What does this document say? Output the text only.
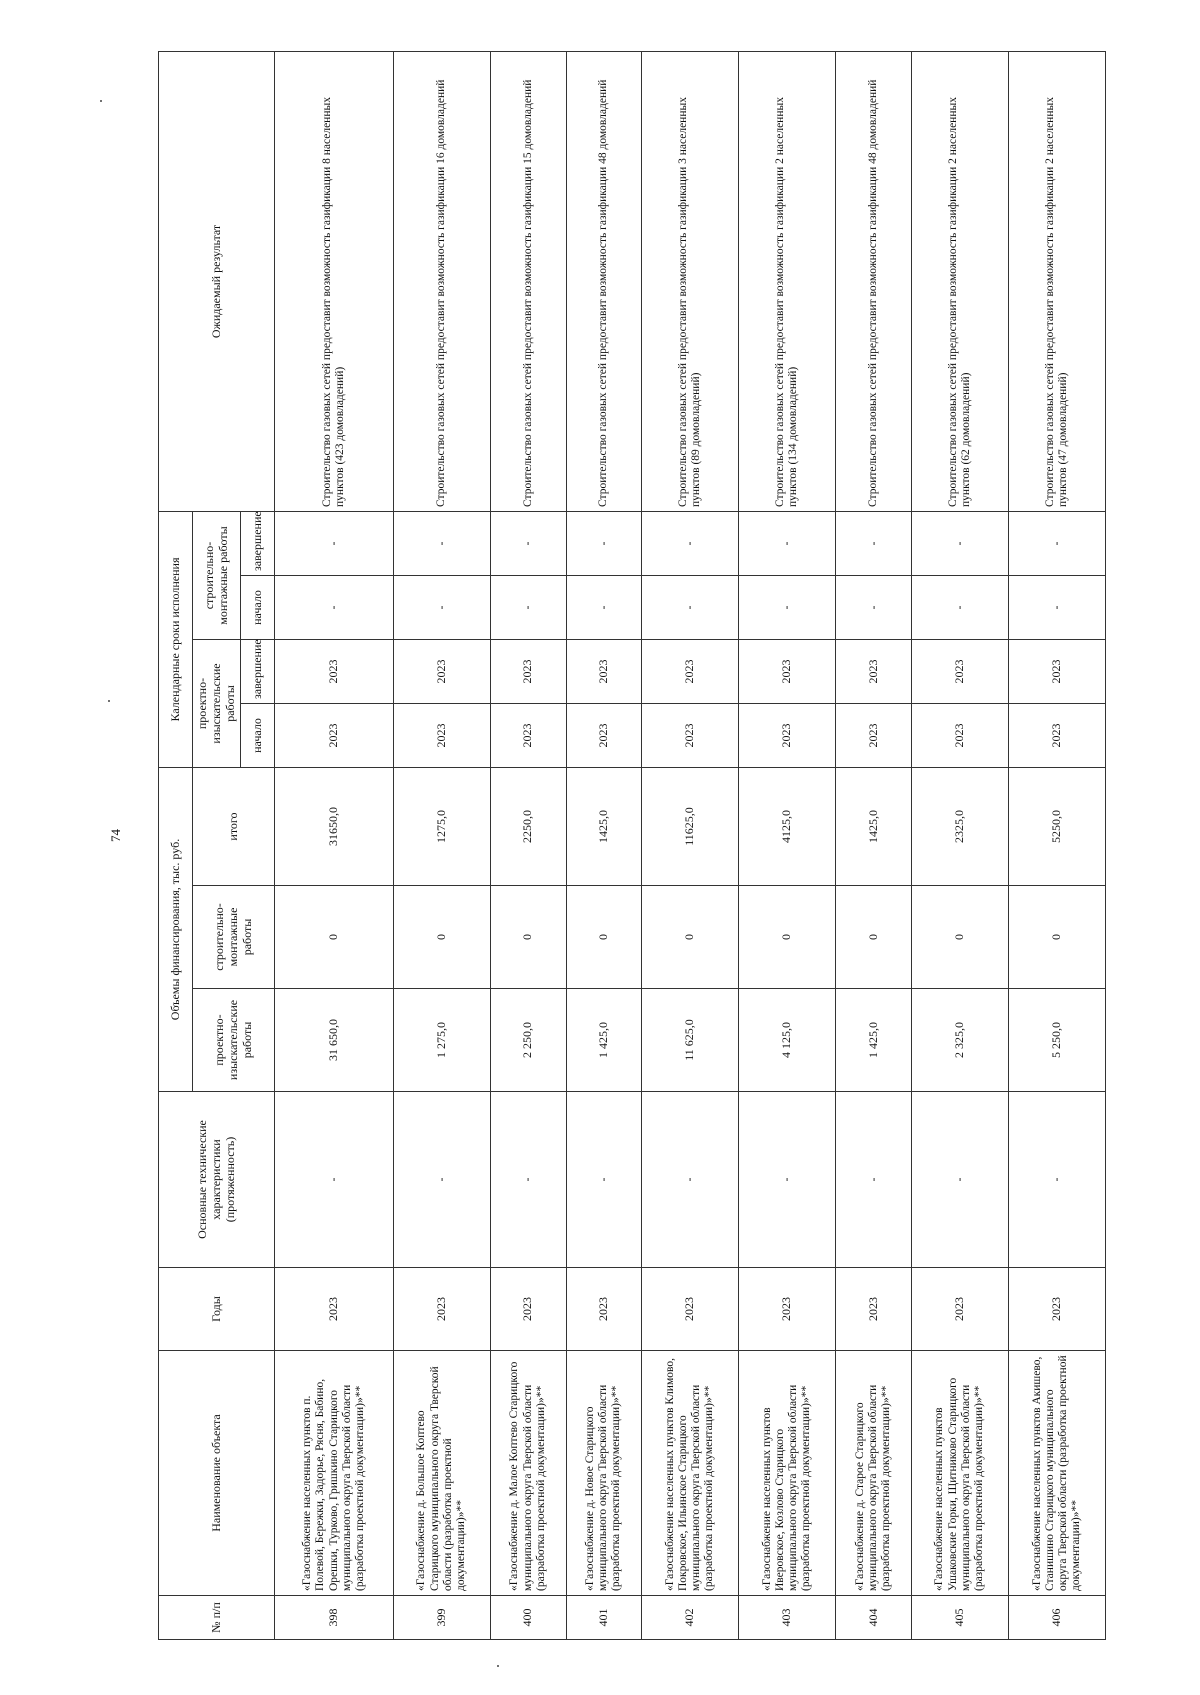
74
№ п/п	Наименование объекта	Годы	Основные технические характеристики (протяженность)	Объемы финансирования, тыс. руб.			Календарные сроки исполнения				Ожидаемый результат
				проектно-изыскательские работы	строительно-монтажные работы	итого	проектно-изыскательские работы		строительно-монтажные работы		
							начало	завершение	начало	завершение	
398	«Газоснабжение населенных пунктов п. Полевой, Бережки, Задорье, Рясня, Бабино, Орешки, Турково, Гришкино Старицкого муниципального округа Тверской области (разработка проектной документации)»**	2023	-	31 650,0	0	31650,0	2023	2023	-	-	Строительство газовых сетей предоставит возможность газификации 8 населенных пунктов (423 домовладений)
399	«Газоснабжение д. Большое Коптево Старицкого муниципального округа Тверской области (разработка проектной документации)»**	2023	-	1 275,0	0	1275,0	2023	2023	-	-	Строительство газовых сетей предоставит возможность газификации 16 домовладений
400	«Газоснабжение д. Малое Коптево Старицкого муниципального округа Тверской области (разработка проектной документации)»**	2023	-	2 250,0	0	2250,0	2023	2023	-	-	Строительство газовых сетей предоставит возможность газификации 15 домовладений
401	«Газоснабжение д. Новое Старицкого муниципального округа Тверской области (разработка проектной документации)»**	2023	-	1 425,0	0	1425,0	2023	2023	-	-	Строительство газовых сетей предоставит возможность газификации 48 домовладений
402	«Газоснабжение населенных пунктов Климово, Покровское, Ильинское Старицкого муниципального округа Тверской области (разработка проектной документации)»**	2023	-	11 625,0	0	11625,0	2023	2023	-	-	Строительство газовых сетей предоставит возможность газификации 3 населенных пунктов (89 домовладений)
403	«Газоснабжение населенных пунктов Иверовское, Козлово Старицкого муниципального округа Тверской области (разработка проектной документации)»**	2023	-	4 125,0	0	4125,0	2023	2023	-	-	Строительство газовых сетей предоставит возможность газификации 2 населенных пунктов (134 домовладений)
404	«Газоснабжение д. Старое Старицкого муниципального округа Тверской области (разработка проектной документации)»**	2023	-	1 425,0	0	1425,0	2023	2023	-	-	Строительство газовых сетей предоставит возможность газификации 48 домовладений
405	«Газоснабжение населенных пунктов Ушаковские Горки, Щитниково Старицкого муниципального округа Тверской области (разработка проектной документации)»**	2023	-	2 325,0	0	2325,0	2023	2023	-	-	Строительство газовых сетей предоставит возможность газификации 2 населенных пунктов (62 домовладений)
406	«Газоснабжение населенных пунктов Акишево, Станишино Старицкого муниципального округа Тверской области (разработка проектной документации)»**	2023	-	5 250,0	0	5250,0	2023	2023	-	-	Строительство газовых сетей предоставит возможность газификации 2 населенных пунктов (47 домовладений)
